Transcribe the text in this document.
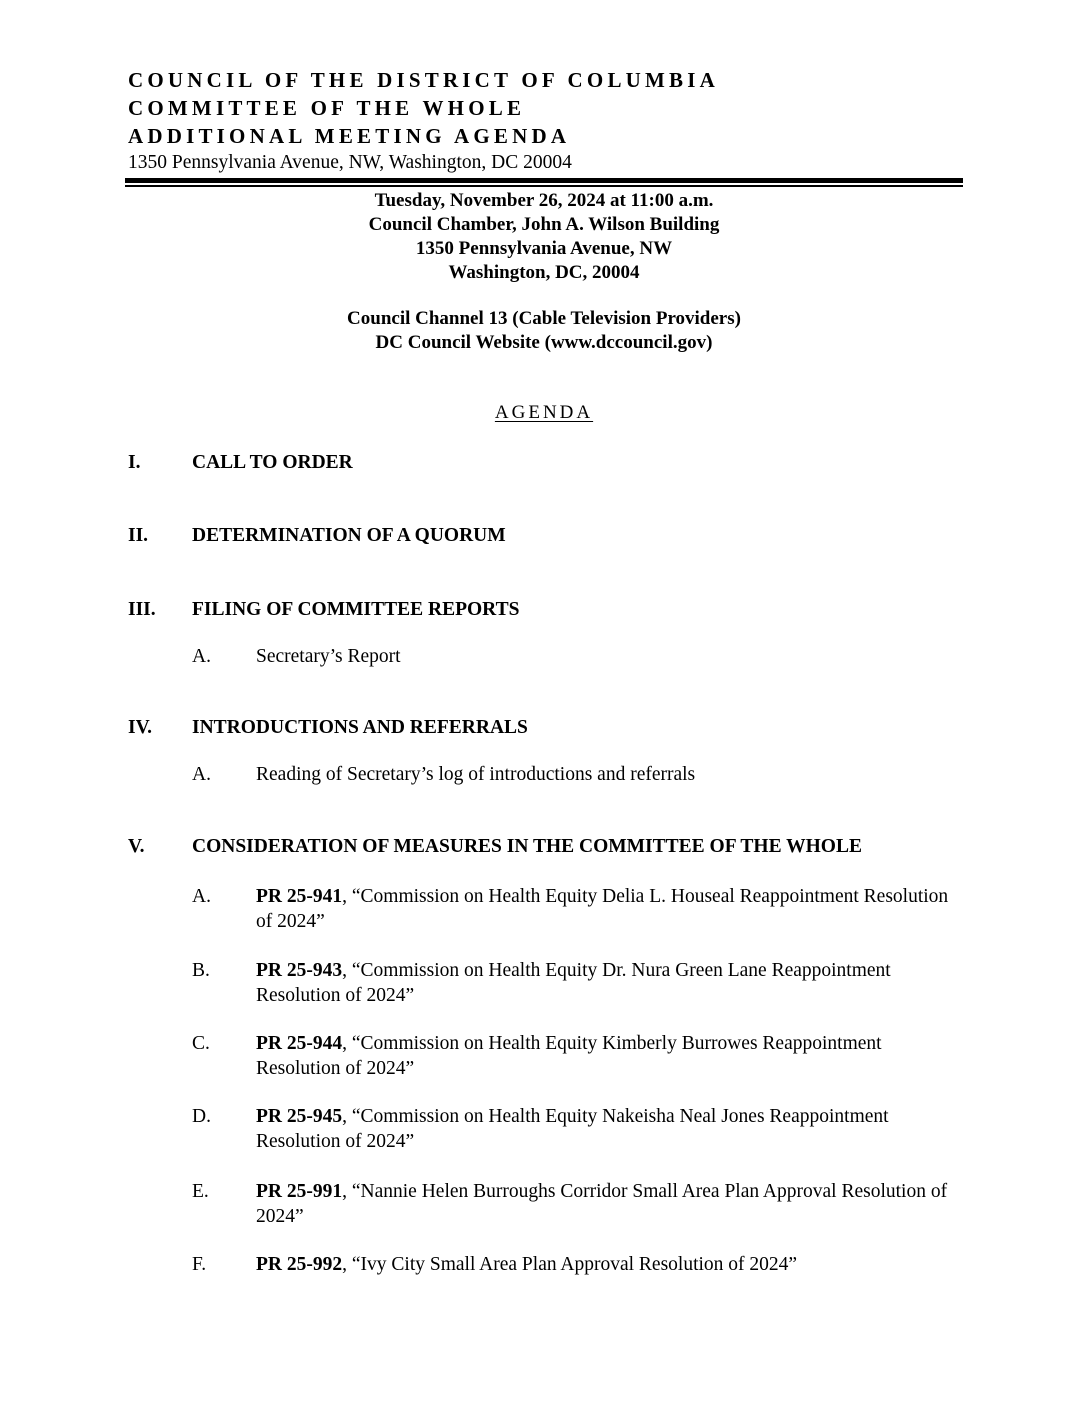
COUNCIL OF THE DISTRICT OF COLUMBIA
COMMITTEE OF THE WHOLE
ADDITIONAL MEETING AGENDA
1350 Pennsylvania Avenue, NW, Washington, DC 20004
Tuesday, November 26, 2024 at 11:00 a.m.
Council Chamber, John A. Wilson Building
1350 Pennsylvania Avenue, NW
Washington, DC, 20004
Council Channel 13 (Cable Television Providers)
DC Council Website (www.dccouncil.gov)
AGENDA
I.	CALL TO ORDER
II. DETERMINATION OF A QUORUM
III. FILING OF COMMITTEE REPORTS
A. Secretary’s Report
IV. INTRODUCTIONS AND REFERRALS
A. Reading of Secretary’s log of introductions and referrals
V. CONSIDERATION OF MEASURES IN THE COMMITTEE OF THE WHOLE
A. PR 25-941, “Commission on Health Equity Delia L. Houseal Reappointment Resolution of 2024”
B. PR 25-943, “Commission on Health Equity Dr. Nura Green Lane Reappointment Resolution of 2024”
C. PR 25-944, “Commission on Health Equity Kimberly Burrowes Reappointment Resolution of 2024”
D. PR 25-945, “Commission on Health Equity Nakeisha Neal Jones Reappointment Resolution of 2024”
E. PR 25-991, “Nannie Helen Burroughs Corridor Small Area Plan Approval Resolution of 2024”
F.	PR 25-992, “Ivy City Small Area Plan Approval Resolution of 2024”
